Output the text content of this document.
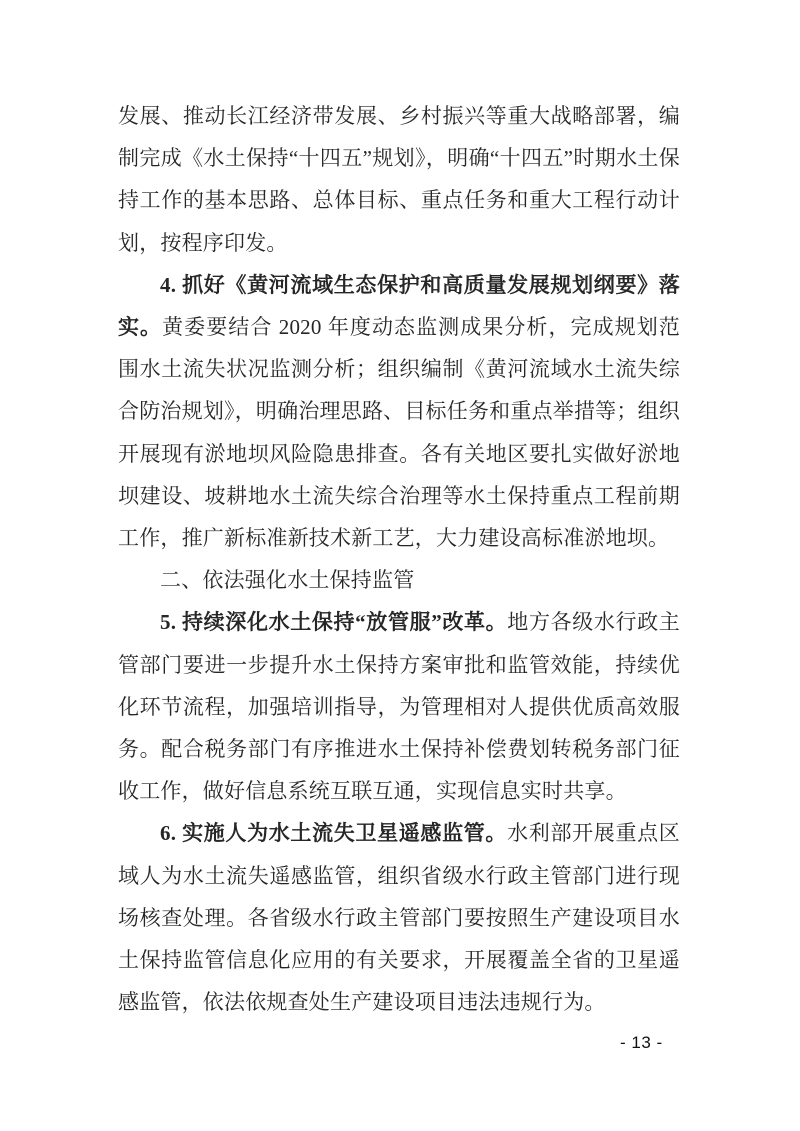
发展、推动长江经济带发展、乡村振兴等重大战略部署，编制完成《水土保持“十四五”规划》，明确“十四五”时期水土保持工作的基本思路、总体目标、重点任务和重大工程行动计划，按程序印发。

4. 抓好《黄河流域生态保护和高质量发展规划纲要》落实。黄委要结合 2020 年度动态监测成果分析，完成规划范围水土流失状况监测分析；组织编制《黄河流域水土流失综合防治规划》，明确治理思路、目标任务和重点举措等；组织开展现有淤地坝风险隐患排查。各有关地区要扎实做好淤地坝建设、坡耕地水土流失综合治理等水土保持重点工程前期工作，推广新标准新技术新工艺，大力建设高标准淤地坝。

二、依法强化水土保持监管

5. 持续深化水土保持“放管服”改革。地方各级水行政主管部门要进一步提升水土保持方案审批和监管效能，持续优化环节流程，加强培训指导，为管理相对人提供优质高效服务。配合税务部门有序推进水土保持补偿费划转税务部门征收工作，做好信息系统互联互通，实现信息实时共享。

6. 实施人为水土流失卫星遥感监管。水利部开展重点区域人为水土流失遥感监管，组织省级水行政主管部门进行现场核查处理。各省级水行政主管部门要按照生产建设项目水土保持监管信息化应用的有关要求，开展覆盖全省的卫星遥感监管，依法依规查处生产建设项目违法违规行为。

- 13 -
